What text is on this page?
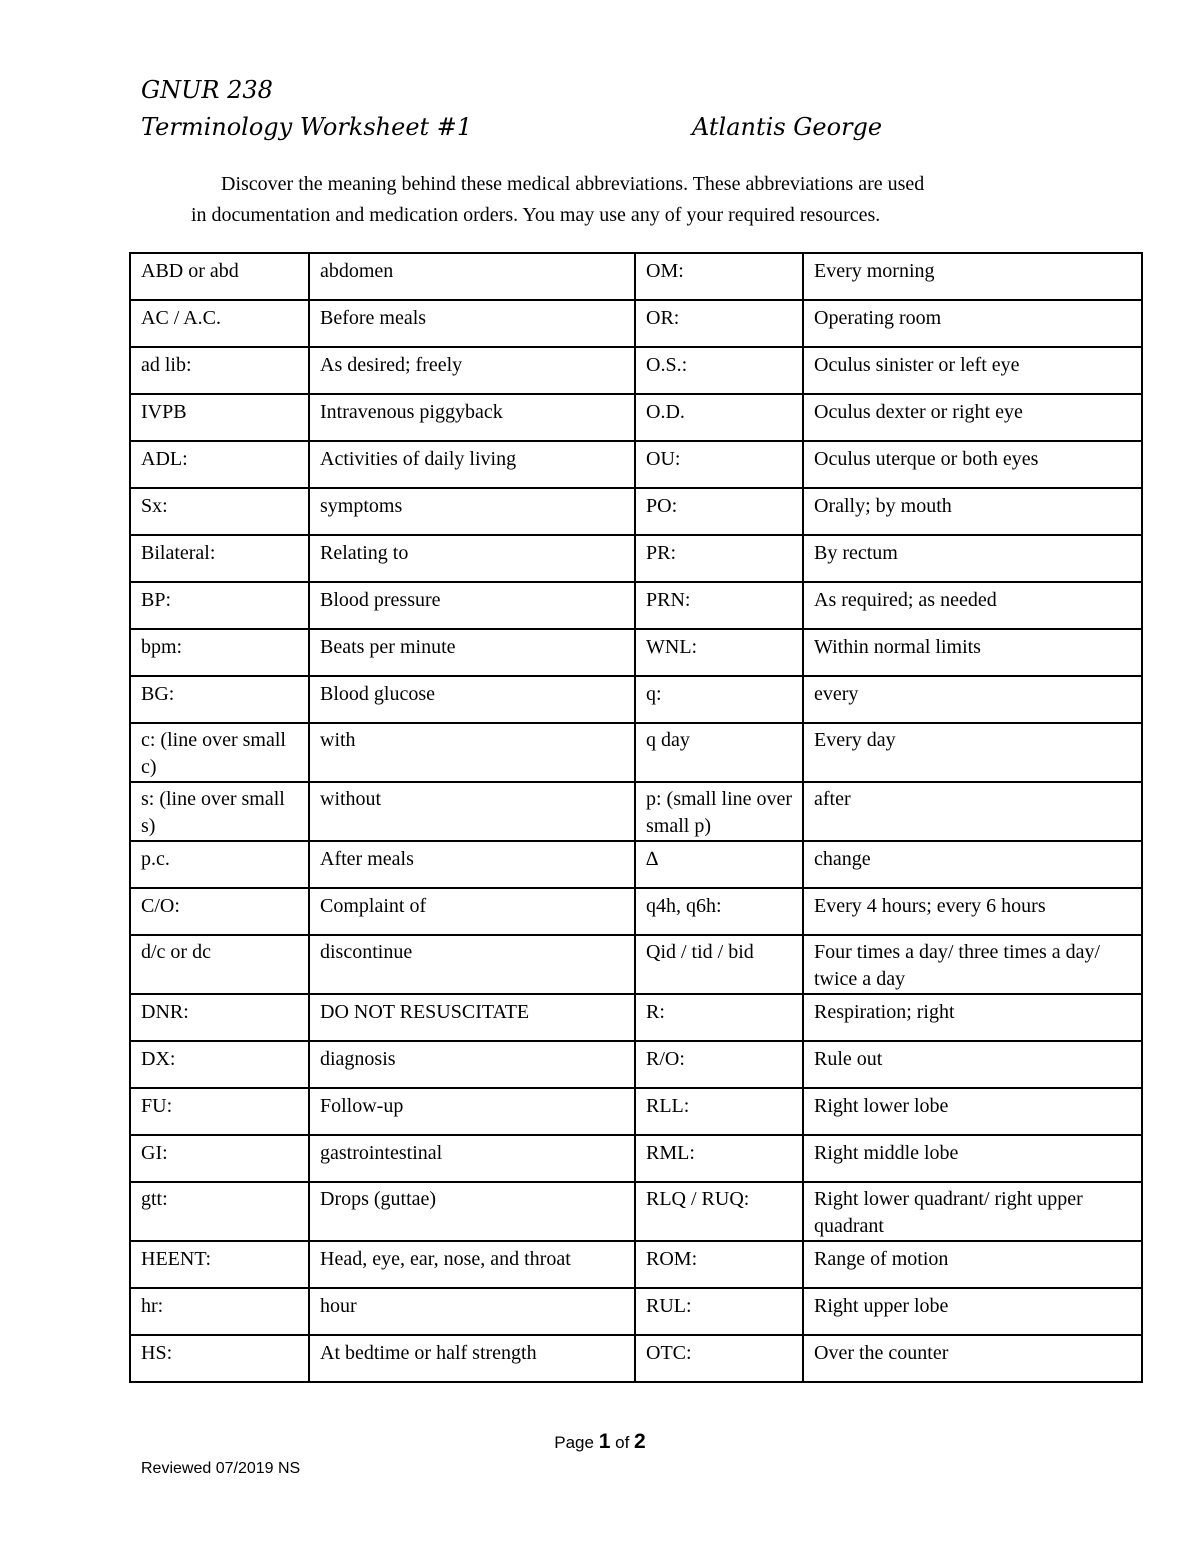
GNUR 238
Terminology Worksheet #1	Atlantis George
Discover the meaning behind these medical abbreviations. These abbreviations are used
in documentation and medication orders. You may use any of your required resources.
ABD or abd	abdomen	OM:	Every morning
AC / A.C.	Before meals	OR:	Operating room
ad lib:	As desired; freely	O.S.:	Oculus sinister or left eye
IVPB	Intravenous piggyback	O.D.	Oculus dexter or right eye
ADL:	Activities of daily living	OU:	Oculus uterque or both eyes
Sx:	symptoms	PO:	Orally; by mouth
Bilateral:	Relating to	PR:	By rectum
BP:	Blood pressure	PRN:	As required; as needed
bpm:	Beats per minute	WNL:	Within normal limits
BG:	Blood glucose	q:	every
c: (line over small c)	with	q day	Every day
s: (line over small s)	without	p: (small line over small p)	after
p.c.	After meals	∆	change
C/O:	Complaint of	q4h, q6h:	Every 4 hours; every 6 hours
d/c or dc	discontinue	Qid / tid / bid	Four times a day/ three times a day/ twice a day
DNR:	DO NOT RESUSCITATE	R:	Respiration; right
DX:	diagnosis	R/O:	Rule out
FU:	Follow-up	RLL:	Right lower lobe
GI:	gastrointestinal	RML:	Right middle lobe
gtt:	Drops (guttae)	RLQ / RUQ:	Right lower quadrant/ right upper quadrant
HEENT:	Head, eye, ear, nose, and throat	ROM:	Range of motion
hr:	hour	RUL:	Right upper lobe
HS:	At bedtime or half strength	OTC:	Over the counter
Page 1 of 2
Reviewed 07/2019 NS
